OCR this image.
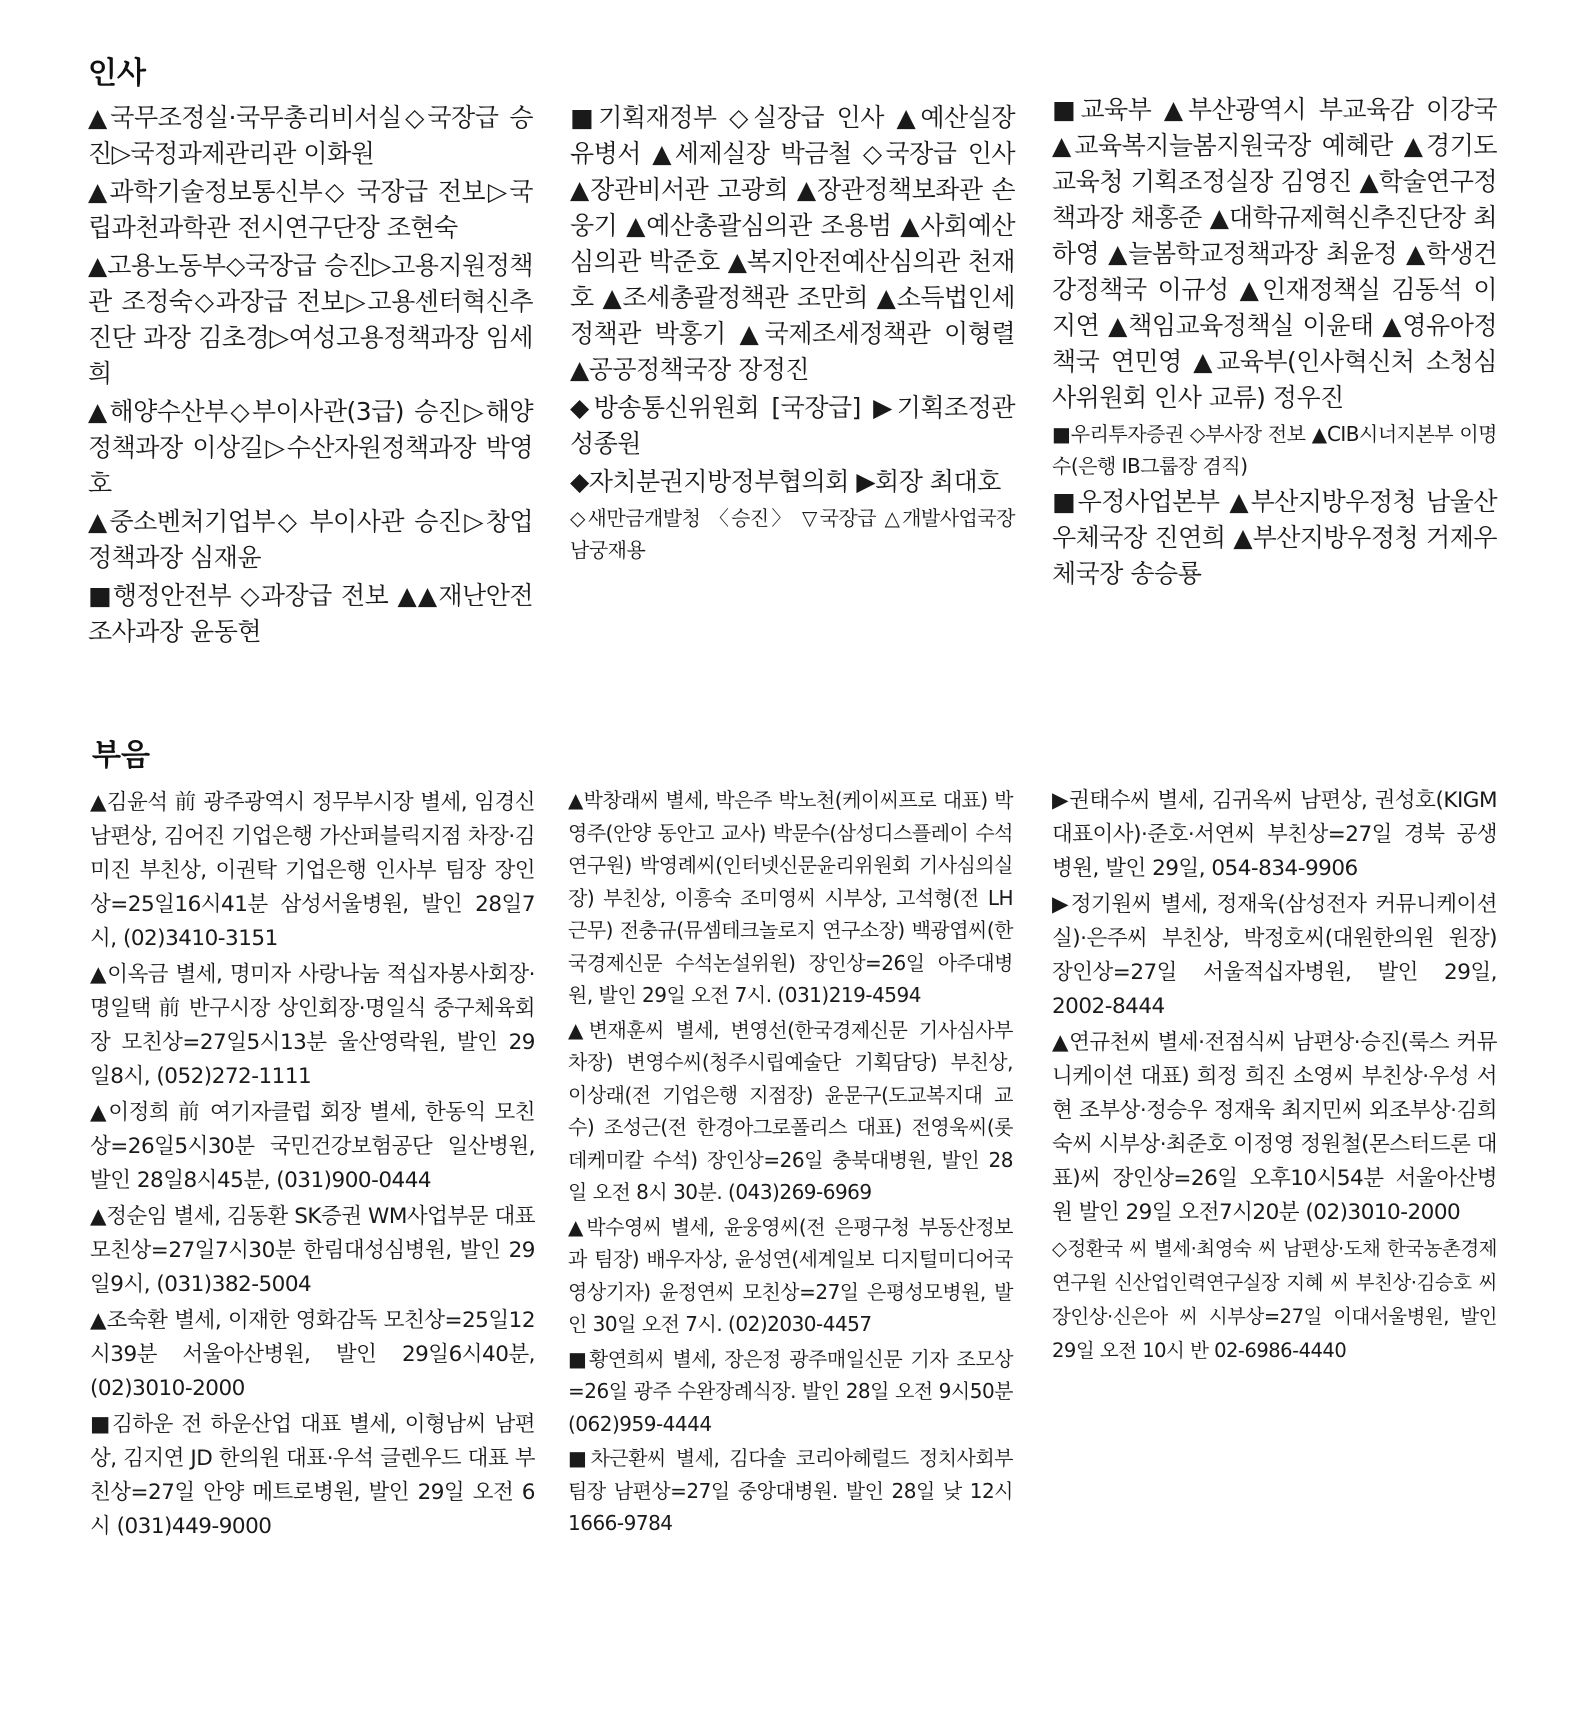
인사

▲국무조정실·국무총리비서실◇국장급 승진▷국정과제관리관 이화원

▲과학기술정보통신부◇ 국장급 전보▷국립과천과학관 전시연구단장 조현숙

▲고용노동부◇국장급 승진▷고용지원정책관 조정숙◇과장급 전보▷고용센터혁신추진단 과장 김초경▷여성고용정책과장 임세희

▲해양수산부◇부이사관(3급) 승진▷해양정책과장 이상길▷수산자원정책과장 박영호

▲중소벤처기업부◇ 부이사관 승진▷창업정책과장 심재윤

■행정안전부 ◇과장급 전보 ▲▲재난안전조사과장 윤동현

■기획재정부 ◇실장급 인사 ▲예산실장 유병서 ▲세제실장 박금철 ◇국장급 인사 ▲장관비서관 고광희 ▲장관정책보좌관 손웅기 ▲예산총괄심의관 조용범 ▲사회예산심의관 박준호 ▲복지안전예산심의관 천재호 ▲조세총괄정책관 조만희 ▲소득법인세정책관 박홍기 ▲국제조세정책관 이형렬 ▲공공정책국장 장정진

◆방송통신위원회 [국장급] ▶기획조정관 성종원

◆자치분권지방정부협의회 ▶회장 최대호

◇새만금개발청 〈승진〉 ▽국장급 △개발사업국장 남궁재용

■교육부 ▲부산광역시 부교육감 이강국 ▲교육복지늘봄지원국장 예혜란 ▲경기도교육청 기획조정실장 김영진 ▲학술연구정책과장 채홍준 ▲대학규제혁신추진단장 최하영 ▲늘봄학교정책과장 최윤정 ▲학생건강정책국 이규성 ▲인재정책실 김동석 이지연 ▲책임교육정책실 이윤태 ▲영유아정책국 연민영 ▲교육부(인사혁신처 소청심사위원회 인사 교류) 정우진

■우리투자증권 ◇부사장 전보 ▲CIB시너지본부 이명수(은행 IB그룹장 겸직)

■우정사업본부 ▲부산지방우정청 남울산우체국장 진연희 ▲부산지방우정청 거제우체국장 송승룡

부음

▲김윤석 前 광주광역시 정무부시장 별세, 임경신 남편상, 김어진 기업은행 가산퍼블릭지점 차장·김미진 부친상, 이권탁 기업은행 인사부 팀장 장인상=25일16시41분 삼성서울병원, 발인 28일7시, (02)3410-3151

▲이옥금 별세, 명미자 사랑나눔 적십자봉사회장·명일택 前 반구시장 상인회장·명일식 중구체육회장 모친상=27일5시13분 울산영락원, 발인 29일8시, (052)272-1111

▲이정희 前 여기자클럽 회장 별세, 한동익 모친상=26일5시30분 국민건강보험공단 일산병원, 발인 28일8시45분, (031)900-0444

▲정순임 별세, 김동환 SK증권 WM사업부문 대표 모친상=27일7시30분 한림대성심병원, 발인 29일9시, (031)382-5004

▲조숙환 별세, 이재한 영화감독 모친상=25일12시39분 서울아산병원, 발인 29일6시40분, (02)3010-2000

■김하운 전 하운산업 대표 별세, 이형남씨 남편상, 김지연 JD 한의원 대표·우석 글렌우드 대표 부친상=27일 안양 메트로병원, 발인 29일 오전 6시 (031)449-9000

▲박창래씨 별세, 박은주 박노천(케이씨프로 대표) 박영주(안양 동안고 교사) 박문수(삼성디스플레이 수석연구원) 박영례씨(인터넷신문윤리위원회 기사심의실장) 부친상, 이흥숙 조미영씨 시부상, 고석형(전 LH 근무) 전충규(뮤셈테크놀로지 연구소장) 백광엽씨(한국경제신문 수석논설위원) 장인상=26일 아주대병원, 발인 29일 오전 7시. (031)219-4594

▲변재훈씨 별세, 변영선(한국경제신문 기사심사부 차장) 변영수씨(청주시립예술단 기획담당) 부친상, 이상래(전 기업은행 지점장) 윤문구(도교복지대 교수) 조성근(전 한경아그로폴리스 대표) 전영욱씨(롯데케미칼 수석) 장인상=26일 충북대병원, 발인 28일 오전 8시 30분. (043)269-6969

▲박수영씨 별세, 윤웅영씨(전 은평구청 부동산정보과 팀장) 배우자상, 윤성연(세계일보 디지털미디어국 영상기자) 윤정연씨 모친상=27일 은평성모병원, 발인 30일 오전 7시. (02)2030-4457

■황연희씨 별세, 장은정 광주매일신문 기자 조모상=26일 광주 수완장례식장. 발인 28일 오전 9시50분 (062)959-4444

■차근환씨 별세, 김다솔 코리아헤럴드 정치사회부 팀장 남편상=27일 중앙대병원. 발인 28일 낮 12시 1666-9784

▶권태수씨 별세, 김귀옥씨 남편상, 권성호(KIGM 대표이사)·준호·서연씨 부친상=27일 경북 공생병원, 발인 29일, 054-834-9906

▶정기원씨 별세, 정재욱(삼성전자 커뮤니케이션실)·은주씨 부친상, 박정호씨(대원한의원 원장) 장인상=27일 서울적십자병원, 발인 29일, 2002-8444

▲연규천씨 별세·전점식씨 남편상·승진(룩스 커뮤니케이션 대표) 희정 희진 소영씨 부친상·우성 서현 조부상·정승우 정재욱 최지민씨 외조부상·김희숙씨 시부상·최준호 이정영 정원철(몬스터드론 대표)씨 장인상=26일 오후10시54분 서울아산병원 발인 29일 오전7시20분 (02)3010-2000

◇정환국 씨 별세·최영숙 씨 남편상·도채 한국농촌경제연구원 신산업인력연구실장 지혜 씨 부친상·김승호 씨 장인상·신은아 씨 시부상=27일 이대서울병원, 발인 29일 오전 10시 반 02-6986-4440
